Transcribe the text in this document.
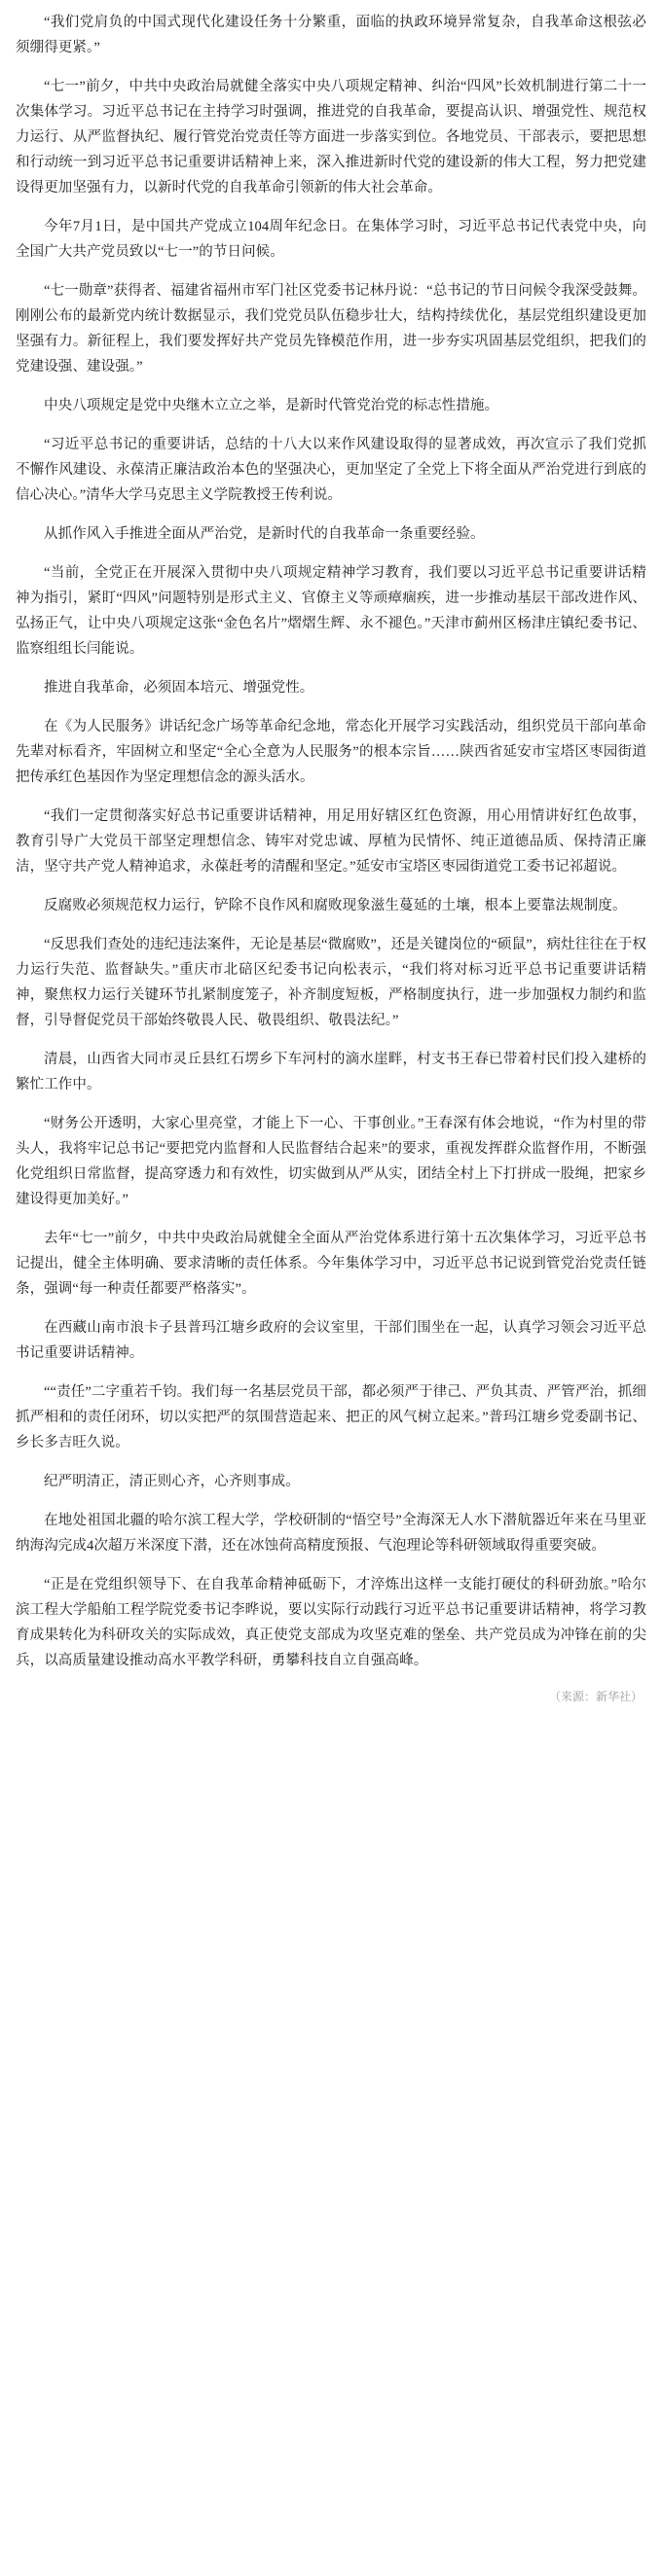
“我们党肩负的中国式现代化建设任务十分繁重，面临的执政环境异常复杂，自我革命这根弦必须绷得更紧。”

“七一”前夕，中共中央政治局就健全落实中央八项规定精神、纠治“四风”长效机制进行第二十一次集体学习。习近平总书记在主持学习时强调，推进党的自我革命，要提高认识、增强党性、规范权力运行、从严监督执纪、履行管党治党责任等方面进一步落实到位。各地党员、干部表示，要把思想和行动统一到习近平总书记重要讲话精神上来，深入推进新时代党的建设新的伟大工程，努力把党建设得更加坚强有力，以新时代党的自我革命引领新的伟大社会革命。

今年7月1日，是中国共产党成立104周年纪念日。在集体学习时，习近平总书记代表党中央，向全国广大共产党员致以“七一”的节日问候。

“七一勋章”获得者、福建省福州市军门社区党委书记林丹说：“总书记的节日问候令我深受鼓舞。刚刚公布的最新党内统计数据显示，我们党党员队伍稳步壮大，结构持续优化，基层党组织建设更加坚强有力。新征程上，我们要发挥好共产党员先锋模范作用，进一步夯实巩固基层党组织，把我们的党建设强、建设强。”

中央八项规定是党中央继木立立之举，是新时代管党治党的标志性措施。

“习近平总书记的重要讲话，总结的十八大以来作风建设取得的显著成效，再次宣示了我们党抓不懈作风建设、永葆清正廉洁政治本色的坚强决心，更加坚定了全党上下将全面从严治党进行到底的信心决心。”清华大学马克思主义学院教授王传利说。

从抓作风入手推进全面从严治党，是新时代的自我革命一条重要经验。

“当前，全党正在开展深入贯彻中央八项规定精神学习教育，我们要以习近平总书记重要讲话精神为指引，紧盯“四风”问题特别是形式主义、官僚主义等顽瘴痼疾，进一步推动基层干部改进作风、弘扬正气，让中央八项规定这张“金色名片”熠熠生辉、永不褪色。”天津市蓟州区杨津庄镇纪委书记、监察组组长闫能说。

推进自我革命，必须固本培元、增强党性。

在《为人民服务》讲话纪念广场等革命纪念地，常态化开展学习实践活动，组织党员干部向革命先辈对标看齐，牢固树立和坚定“全心全意为人民服务”的根本宗旨……陕西省延安市宝塔区枣园街道把传承红色基因作为坚定理想信念的源头活水。

“我们一定贯彻落实好总书记重要讲话精神，用足用好辖区红色资源，用心用情讲好红色故事，教育引导广大党员干部坚定理想信念、铸牢对党忠诚、厚植为民情怀、纯正道德品质、保持清正廉洁，坚守共产党人精神追求，永葆赶考的清醒和坚定。”延安市宝塔区枣园街道党工委书记祁超说。

反腐败必须规范权力运行，铲除不良作风和腐败现象滋生蔓延的土壤，根本上要靠法规制度。

“反思我们查处的违纪违法案件，无论是基层“微腐败”，还是关键岗位的“硕鼠”，病灶往往在于权力运行失范、监督缺失。”重庆市北碚区纪委书记向松表示，“我们将对标习近平总书记重要讲话精神，聚焦权力运行关键环节扎紧制度笼子，补齐制度短板，严格制度执行，进一步加强权力制约和监督，引导督促党员干部始终敬畏人民、敬畏组织、敬畏法纪。”

清晨，山西省大同市灵丘县红石塄乡下车河村的滴水崖畔，村支书王春已带着村民们投入建桥的繁忙工作中。

“财务公开透明，大家心里亮堂，才能上下一心、干事创业。”王春深有体会地说，“作为村里的带头人，我将牢记总书记“要把党内监督和人民监督结合起来”的要求，重视发挥群众监督作用，不断强化党组织日常监督，提高穿透力和有效性，切实做到从严从实，团结全村上下打拼成一股绳，把家乡建设得更加美好。”

去年“七一”前夕，中共中央政治局就健全全面从严治党体系进行第十五次集体学习，习近平总书记提出，健全主体明确、要求清晰的责任体系。今年集体学习中，习近平总书记说到管党治党责任链条，强调“每一种责任都要严格落实”。

在西藏山南市浪卡子县普玛江塘乡政府的会议室里，干部们围坐在一起，认真学习领会习近平总书记重要讲话精神。

““责任”二字重若千钧。我们每一名基层党员干部，都必须严于律己、严负其责、严管严治，抓细抓严相和的责任闭环，切以实把严的氛围营造起来、把正的风气树立起来。”普玛江塘乡党委副书记、乡长多吉旺久说。

纪严明清正，清正则心齐，心齐则事成。

在地处祖国北疆的哈尔滨工程大学，学校研制的“悟空号”全海深无人水下潜航器近年来在马里亚纳海沟完成4次超万米深度下潜，还在冰蚀荷高精度预报、气泡理论等科研领域取得重要突破。

“正是在党组织领导下、在自我革命精神砥砺下，才淬炼出这样一支能打硬仗的科研劲旅。”哈尔滨工程大学船舶工程学院党委书记李晔说，要以实际行动践行习近平总书记重要讲话精神，将学习教育成果转化为科研攻关的实际成效，真正使党支部成为攻坚克难的堡垒、共产党员成为冲锋在前的尖兵，以高质量建设推动高水平教学科研，勇攀科技自立自强高峰。

（来源：新华社）
